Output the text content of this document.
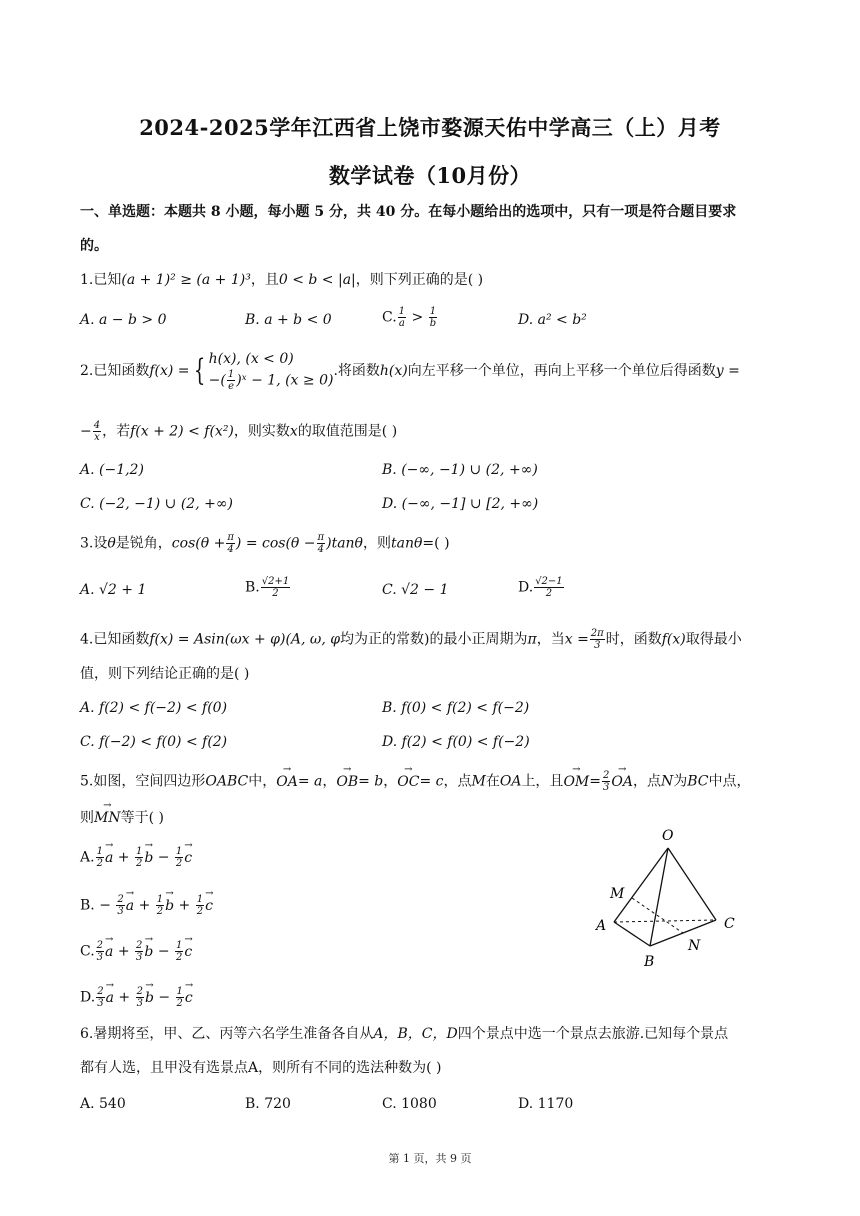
2024-2025学年江西省上饶市婺源天佑中学高三（上）月考
数学试卷（10月份）
一、单选题：本题共 8 小题，每小题 5 分，共 40 分。在每小题给出的选项中，只有一项是符合题目要求
的。
1.已知(a + 1)² ≥ (a + 1)³，且0 < b < |a|，则下列正确的是( )
A. a − b > 0	B. a + b < 0	C. $\frac{1}{a} > \frac{1}{b}$	D. a² < b²
2.已知函数f(x) = { h(x), (x < 0)
−( $\frac{1}{e}$ )ˣ − 1, (x ≥ 0)
.将函数h(x)向左平移一个单位，再向上平移一个单位后得函数y =
− $\frac{4}{x}$ ，若f(x + 2) < f(x²)，则实数x的取值范围是( )
A. (−1,2)	B. (−∞, −1) ∪ (2, +∞)
C. (−2, −1) ∪ (2, +∞)	D. (−∞, −1] ∪ [2, +∞)
3.设θ是锐角，$\cos(\theta + \frac{\pi}{4}$ ) = $\cos(\theta - \frac{\pi}{4} )\tan\theta$，则tanθ=( )
A. √2 + 1	B. $\frac{√2+1}{2}$	C. √2 − 1	D. $\frac{√2-1}{2}$
4.已知函数f(x) = Asin(ωx + φ)(A, ω, φ均为正的常数)的最小正周期为π，当$x = \frac{2\pi}{3}$ 时，函数f(x)取得最小
值，则下列结论正确的是( )
A. f(2) < f(−2) < f(0)	B. f(0) < f(2) < f(−2)
C. f(−2) < f(0) < f(2)	D. f(2) < f(0) < f(−2)
5.如图，空间四边形OABC中，→ OA= a，→ OB= b，→ OC= c，点M在OA上，且→ $OM= \frac{2}{3}$
→ OA，点N为BC中点，
则→ MN等于( )
A. $\frac{1}{2}$
→ $a + \frac{1}{2}$
→ $b - \frac{1}{2}$
→ c
B. − $\frac{2}{3}$
→ $a + \frac{1}{2}$
→ $b + \frac{1}{2}$
→ c
C. $\frac{2}{3}$
→ $a + \frac{2}{3}$
→ $b - \frac{1}{2}$
→ c
D. $\frac{2}{3}$
→ $a + \frac{2}{3}$
→ $b - \frac{1}{2}$
→ c
O
M
A	C
N
B
6.暑期将至，甲、乙、丙等六名学生准备各自从A，B，C，D四个景点中选一个景点去旅游.已知每个景点
都有人选，且甲没有选景点A，则所有不同的选法种数为( )
A. 540	B. 720	C. 1080	D. 1170
第 1 页，共 9 页
